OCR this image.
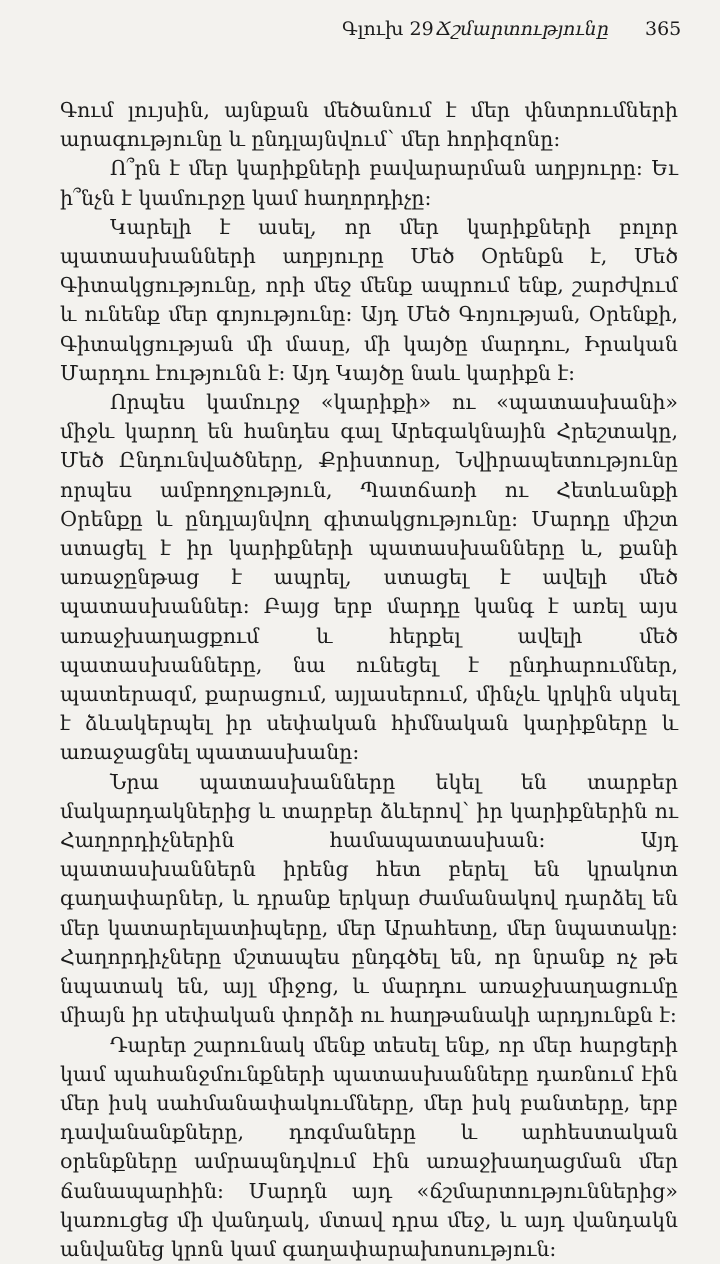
Գլուխ 29 Ճշմարտությունը 365

Գում լույսին, այնքան մեծանում է մեր փնտրումների արագությունը և ընդլայնվում՝ մեր հորիզոնը:

Ո՞րն է մեր կարիքների բավարարման աղբյուրը: Եւ ի՞նչն է կամուրջը կամ հաղորդիչը:

Կարելի է ասել, որ մեր կարիքների բոլոր պատասխանների աղբյուրը Մեծ Օրենքն է, Մեծ Գիտակցությունը, որի մեջ մենք ապրում ենք, շարժվում և ունենք մեր գոյությունը: Այդ Մեծ Գոյության, Օրենքի, Գիտակցության մի մասը, մի կայծը մարդու, Իրական Մարդու էությունն է: Այդ Կայծը նաև կարիքն է:

Որպես կամուրջ «կարիքի» ու «պատասխանի» միջև կարող են հանդես գալ Արեգակնային Հրեշտակը, Մեծ Ընդունվածները, Քրիստոսը, Նվիրապետությունը որպես ամբողջություն, Պատճառի ու Հետևանքի Օրենքը և ընդլայնվող գիտակցությունը: Մարդը միշտ ստացել է իր կարիքների պատասխանները և, քանի առաջընթաց է ապրել, ստացել է ավելի մեծ պատասխաններ: Բայց երբ մարդը կանգ է առել այս առաջխաղացքում և հերքել ավելի մեծ պատասխանները, նա ունեցել է ընդհարումներ, պատերազմ, քարացում, այլասերում, մինչև կրկին սկսել է ձևակերպել իր սեփական հիմնական կարիքները և առաջացնել պատասխանը:

Նրա պատասխանները եկել են տարբեր մակարդակներից և տարբեր ձևերով՝ իր կարիքներին ու Հաղորդիչներին համապատասխան: Այդ պատասխաններն իրենց հետ բերել են կրակոտ գաղափարներ, և դրանք երկար ժամանակով դարձել են մեր կատարելատիպերը, մեր Արահետը, մեր նպատակը: Հաղորդիչները մշտապես ընդգծել են, որ նրանք ոչ թե նպատակ են, այլ միջոց, և մարդու առաջխաղացումը միայն իր սեփական փորձի ու հաղթանակի արդյունքն է:

Դարեր շարունակ մենք տեսել ենք, որ մեր հարցերի կամ պահանջմունքների պատասխանները դառնում էին մեր իսկ սահմանափակումները, մեր իսկ բանտերը, երբ դավանանքները, դոգմաները և արհեստական օրենքները ամրապնդվում էին առաջխաղացման մեր ճանապարհին: Մարդն այդ «ճշմարտություններից» կառուցեց մի վանդակ, մտավ դրա մեջ, և այդ վանդակն անվանեց կրոն կամ գաղափարախոսություն:
